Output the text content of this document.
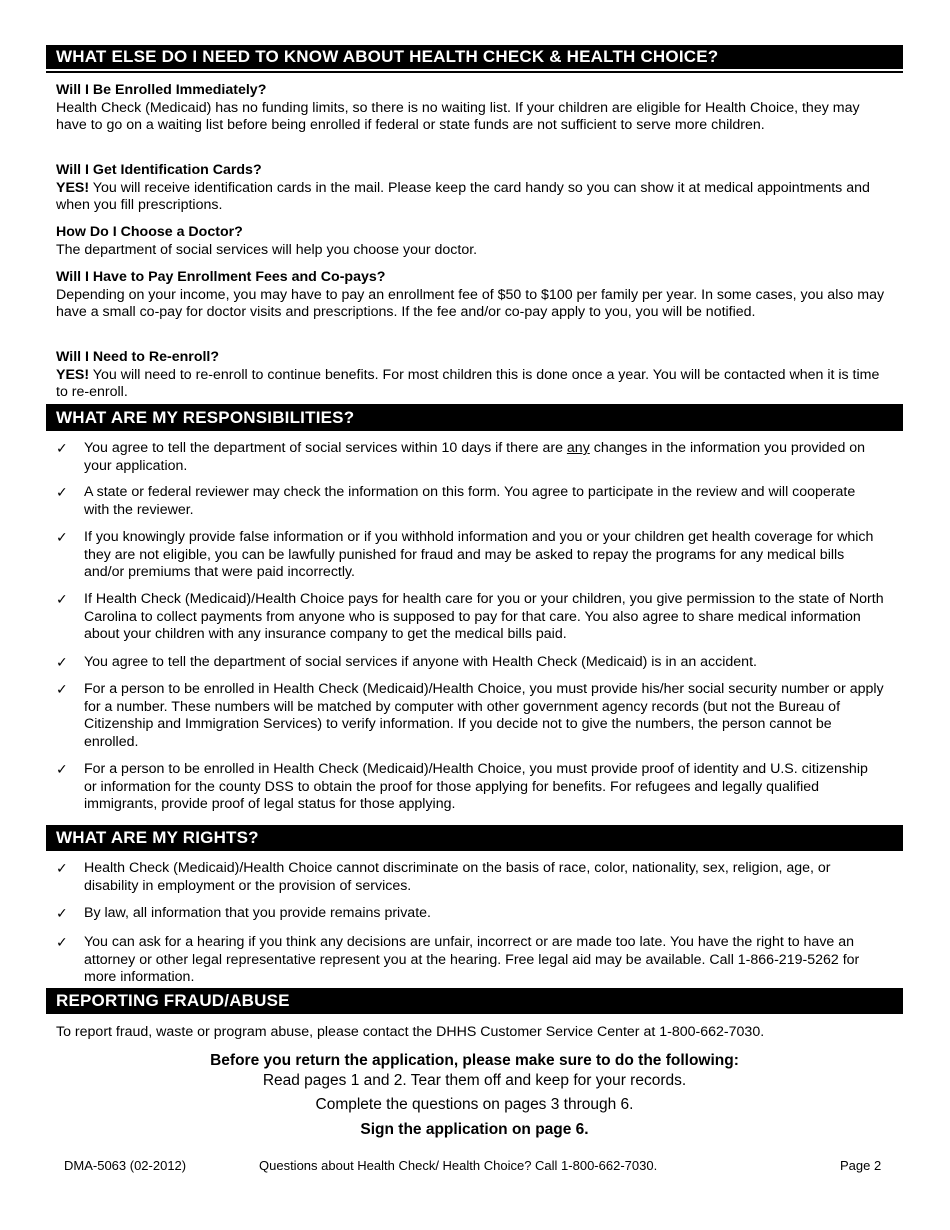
WHAT ELSE DO I NEED TO KNOW ABOUT HEALTH CHECK & HEALTH CHOICE?
Will I Be Enrolled Immediately?
Health Check (Medicaid) has no funding limits, so there is no waiting list. If your children are eligible for Health Choice, they may have to go on a waiting list before being enrolled if federal or state funds are not sufficient to serve more children.
Will I Get Identification Cards?
YES! You will receive identification cards in the mail. Please keep the card handy so you can show it at medical appointments and when you fill prescriptions.
How Do I Choose a Doctor?
The department of social services will help you choose your doctor.
Will I Have to Pay Enrollment Fees and Co-pays?
Depending on your income, you may have to pay an enrollment fee of $50 to $100 per family per year. In some cases, you also may have a small co-pay for doctor visits and prescriptions. If the fee and/or co-pay apply to you, you will be notified.
Will I Need to Re-enroll?
YES! You will need to re-enroll to continue benefits. For most children this is done once a year. You will be contacted when it is time to re-enroll.
WHAT ARE MY RESPONSIBILITIES?
✓	You agree to tell the department of social services within 10 days if there are any changes in the information you provided on your application.
✓	A state or federal reviewer may check the information on this form. You agree to participate in the review and will cooperate with the reviewer.
✓	If you knowingly provide false information or if you withhold information and you or your children get health coverage for which they are not eligible, you can be lawfully punished for fraud and may be asked to repay the programs for any medical bills and/or premiums that were paid incorrectly.
✓	If Health Check (Medicaid)/Health Choice pays for health care for you or your children, you give permission to the state of North Carolina to collect payments from anyone who is supposed to pay for that care. You also agree to share medical information about your children with any insurance company to get the medical bills paid.
✓	You agree to tell the department of social services if anyone with Health Check (Medicaid) is in an accident.
✓	For a person to be enrolled in Health Check (Medicaid)/Health Choice, you must provide his/her social security number or apply for a number. These numbers will be matched by computer with other government agency records (but not the Bureau of Citizenship and Immigration Services) to verify information. If you decide not to give the numbers, the person cannot be enrolled.
✓	For a person to be enrolled in Health Check (Medicaid)/Health Choice, you must provide proof of identity and U.S. citizenship or information for the county DSS to obtain the proof for those applying for benefits. For refugees and legally qualified immigrants, provide proof of legal status for those applying.
WHAT ARE MY RIGHTS?
✓	Health Check (Medicaid)/Health Choice cannot discriminate on the basis of race, color, nationality, sex, religion, age, or disability in employment or the provision of services.
✓	By law, all information that you provide remains private.
✓	You can ask for a hearing if you think any decisions are unfair, incorrect or are made too late. You have the right to have an attorney or other legal representative represent you at the hearing. Free legal aid may be available. Call 1-866-219-5262 for more information.
REPORTING FRAUD/ABUSE
To report fraud, waste or program abuse, please contact the DHHS Customer Service Center at 1-800-662-7030.
Before you return the application, please make sure to do the following:
Read pages 1 and 2. Tear them off and keep for your records.
Complete the questions on pages 3 through 6.
Sign the application on page 6.
DMA-5063 (02-2012)	Questions about Health Check/ Health Choice? Call 1-800-662-7030.	Page 2
